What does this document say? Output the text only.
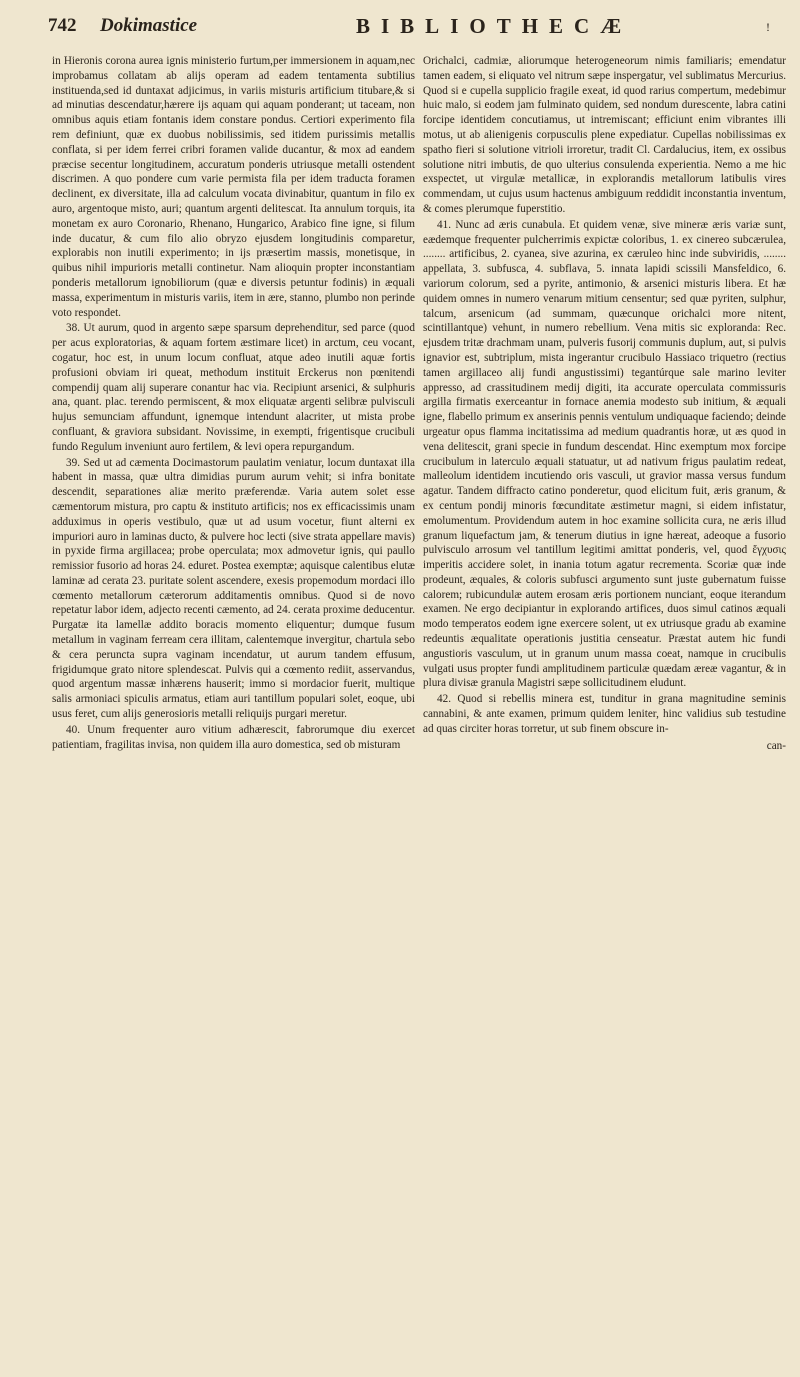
742 Dokimastice	BIBLIOTHECÆ	!

in Hieronis corona aurea ignis ministerio furtum,per immersionem in aquam,nec improbamus collatam ab alijs operam ad eadem tentamenta subtilius instituenda,sed id duntaxat adjicimus, in variis misturis artificium titubare,& si ad minutias descendatur,hærere ijs aquam qui aquam ponderant; ut taceam, non omnibus aquis etiam fontanis idem constare pondus. Certiori experimento fila rem definiunt, quæ ex duobus nobilissimis, sed itidem purissimis metallis conflata, si per idem ferrei cribri foramen valide ducantur, & mox ad eandem præcise secentur longitudinem, accuratum ponderis utriusque metalli ostendent discrimen. A quo pondere cum varie permista fila per idem traducta foramen declinent, ex diversitate, illa ad calculum vocata divinabitur, quantum in filo ex auro, argentoque misto, auri; quantum argenti delitescat. Ita annulum torquis, ita monetam ex auro Coronario, Rhenano, Hungarico, Arabico fine igne, si filum inde ducatur, & cum filo alio obryzo ejusdem longitudinis comparetur, explorabis non inutili experimento; in ijs præsertim massis, monetisque, in quibus nihil impurioris metalli continetur. Nam alioquin propter inconstantiam ponderis metallorum ignobiliorum (quæ e diversis petuntur fodinis) in æquali massa, experimentum in misturis variis, item in ære, stanno, plumbo non perinde voto respondet.

38. Ut aurum, quod in argento sæpe sparsum deprehenditur, sed parce (quod per acus exploratorias, & aquam fortem æstimare licet) in arctum, ceu vocant, cogatur, hoc est, in unum locum confluat, atque adeo inutili aquæ fortis profusioni obviam iri queat, methodum instituit Erckerus non pœnitendi compendij quam alij superare conantur hac via. Recipiunt arsenici, & sulphuris ana, quant. plac. terendo permiscent, & mox eliquatæ argenti selibræ pulvisculi hujus semunciam affundunt, ignemque intendunt alacriter, ut mista probe confluant, & graviora subsidant. Novissime, in exempti, frigentisque crucibuli fundo Regulum inveniunt auro fertilem, & levi opera repurgandum.

39. Sed ut ad cæmenta Docimastorum paulatim veniatur, locum duntaxat illa habent in massa, quæ ultra dimidias purum aurum vehit; si infra bonitate descendit, separationes aliæ merito præferendæ. Varia autem solet esse cæmentorum mistura, pro captu & instituto artificis; nos ex efficacissimis unam adduximus in operis vestibulo, quæ ut ad usum vocetur, fiunt alterni ex impuriori auro in laminas ducto, & pulvere hoc lecti (sive strata appellare mavis) in pyxide firma argillacea; probe operculata; mox admovetur ignis, qui paullo remissior fusorio ad horas 24. eduret. Postea exemptæ; aquisque calentibus elutæ laminæ ad cerata 23. puritate solent ascendere, exesis propemodum mordaci illo cœmento metallorum cæterorum additamentis omnibus. Quod si de novo repetatur labor idem, adjecto recenti cæmento, ad 24. cerata proxime deducentur. Purgatæ ita lamellæ addito boracis momento eliquentur; dumque fusum metallum in vaginam ferream cera illitam, calentemque invergitur, chartula sebo & cera peruncta supra vaginam incendatur, ut aurum tandem effusum, frigidumque grato nitore splendescat. Pulvis qui a cœmento rediit, asservandus, quod argentum massæ inhærens hauserit; immo si mordacior fuerit, multique salis armoniaci spiculis armatus, etiam auri tantillum populari solet, eoque, ubi usus feret, cum alijs generosioris metalli reliquijs purgari meretur.

40. Unum frequenter auro vitium adhærescit, fabrorumque diu exercet patientiam, fragilitas invisa, non quidem illa auro domestica, sed ob misturam

Orichalci, cadmiæ, aliorumque heterogeneorum nimis familiaris; emendatur tamen eadem, si eliquato vel nitrum sæpe inspergatur, vel sublimatus Mercurius. Quod si e cupella supplicio fragile exeat, id quod rarius compertum, medebimur huic malo, si eodem jam fulminato quidem, sed nondum durescente, labra catini forcipe identidem concutiamus, ut intremiscant; efficiunt enim vibrantes illi motus, ut ab alienigenis corpusculis plene expediatur. Cupellas nobilissimas ex spatho fieri si solutione vitrioli irroretur, tradit Cl. Cardalucius, item, ex ossibus solutione nitri imbutis, de quo ulterius consulenda experientia. Nemo a me hic exspectet, ut virgulæ metallicæ, in explorandis metallorum latibulis vires commendam, ut cujus usum hactenus ambiguum reddidit inconstantia inventum, & comes plerumque fuperstitio.

41. Nunc ad æris cunabula. Et quidem venæ, sive mineræ æris variæ sunt, eædemque frequenter pulcherrimis expictæ coloribus, 1. ex cinereo subcærulea, ........ artificibus, 2. cyanea, sive azurina, ex cæruleo hinc inde subviridis, ........ appellata, 3. subfusca, 4. subflava, 5. innata lapidi scissili Mansfeldico, 6. variorum colorum, sed a pyrite, antimonio, & arsenici misturis libera. Et hæ quidem omnes in numero venarum mitium censentur; sed quæ pyriten, sulphur, talcum, arsenicum (ad summam, quæcunque orichalci more nitent, scintillantque) vehunt, in numero rebellium. Vena mitis sic exploranda: Rec. ejusdem tritæ drachmam unam, pulveris fusorij communis duplum, aut, si pulvis ignavior est, subtriplum, mista ingerantur crucibulo Hassiaco triquetro (rectius tamen argillaceo alij fundi angustissimi) tegantúrque sale marino leviter appresso, ad crassitudinem medij digiti, ita accurate operculata commissuris argilla firmatis exerceantur in fornace anemia modesto sub initium, & æquali igne, flabello primum ex anserinis pennis ventulum undiquaque faciendo; deinde urgeatur opus flamma incitatissima ad medium quadrantis horæ, ut æs quod in vena delitescit, grani specie in fundum descendat. Hinc exemptum mox forcipe crucibulum in laterculo æquali statuatur, ut ad nativum frigus paulatim redeat, malleolum identidem incutiendo oris vasculi, ut gravior massa versus fundum agatur. Tandem diffracto catino ponderetur, quod elicitum fuit, æris granum, & ex centum pondij minoris fœcunditate æstimetur magni, si eidem infistatur, emolumentum. Providendum autem in hoc examine sollicita cura, ne æris illud granum liquefactum jam, & tenerum diutius in igne hæreat, adeoque a fusorio pulvisculo arrosum vel tantillum legitimi amittat ponderis, vel, quod ἔγχυσις imperitis accidere solet, in inania totum agatur recrementa. Scoriæ quæ inde prodeunt, æquales, & coloris subfusci argumento sunt juste gubernatum fuisse calorem; rubicundulæ autem erosam æris portionem nunciant, eoque iterandum examen. Ne ergo decipiantur in explorando artifices, duos simul catinos æquali modo temperatos eodem igne exercere solent, ut ex utriusque gradu ab examine redeuntis æqualitate operationis justitia censeatur. Præstat autem hic fundi angustioris vasculum, ut in granum unum massa coeat, namque in crucibulis vulgati usus propter fundi amplitudinem particulæ quædam æreæ vagantur, & in plura divisæ granula Magistri sæpe sollicitudinem eludunt.

42. Quod si rebellis minera est, tunditur in grana magnitudine seminis cannabini, & ante examen, primum quidem leniter, hinc validius sub testudine ad quas circiter horas torretur, ut sub finem obscure in-

can-
